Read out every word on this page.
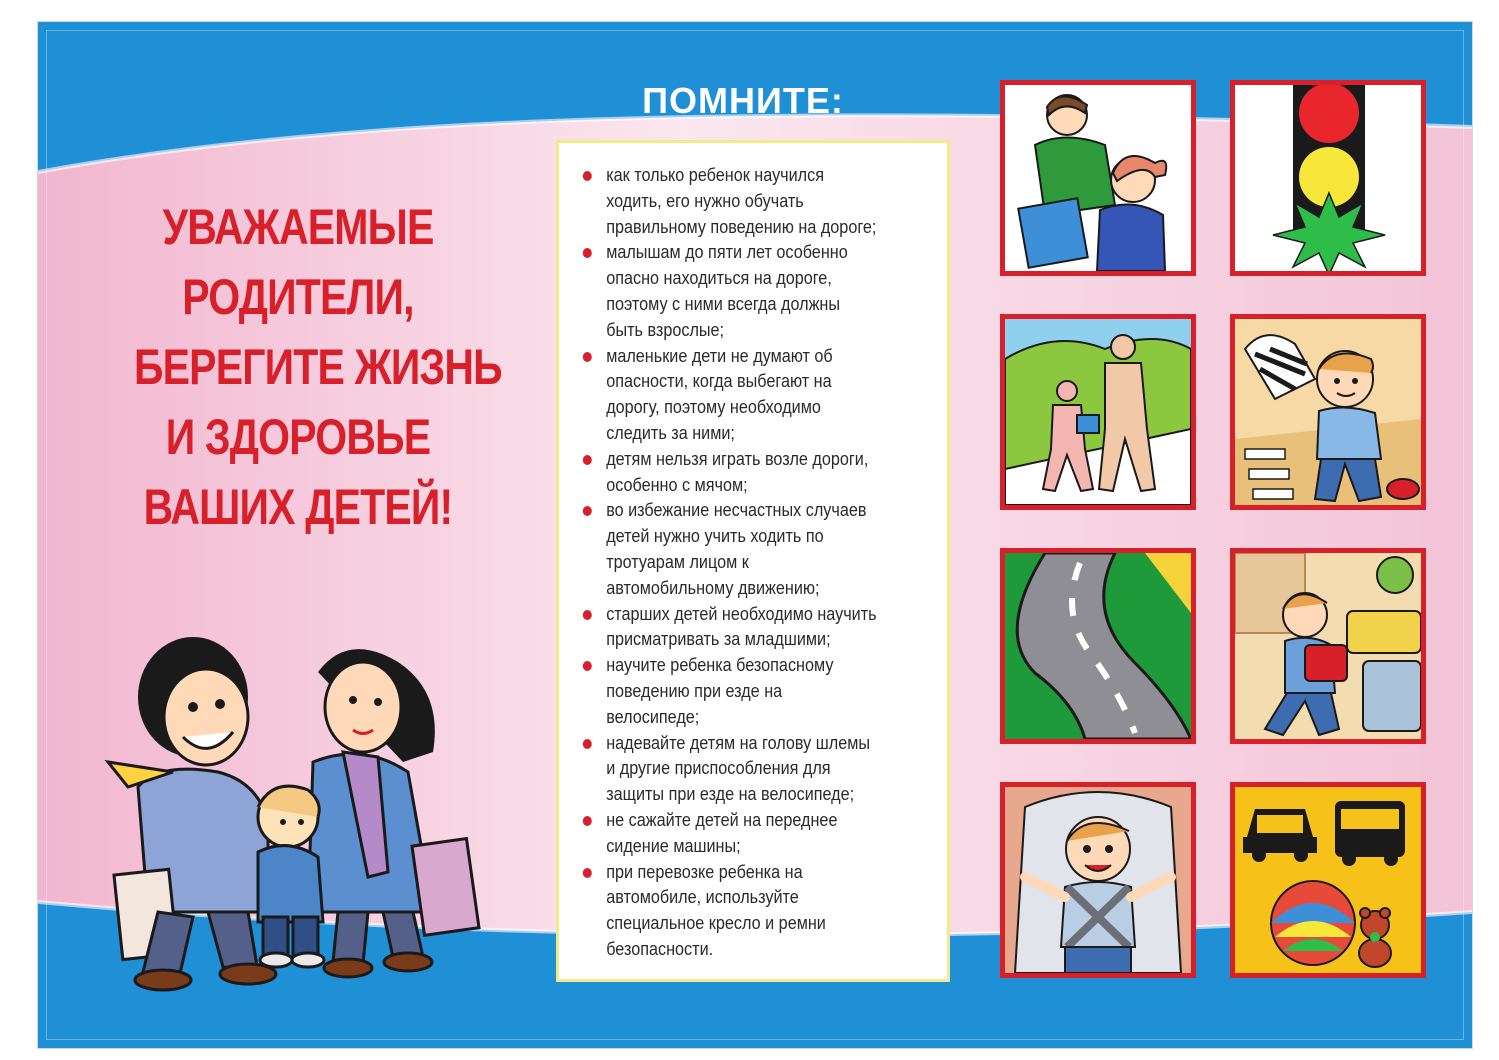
ПОМНИТЕ:
УВАЖАЕМЫЕ
РОДИТЕЛИ,
БЕРЕГИТЕ ЖИЗНЬ
И ЗДОРОВЬЕ
ВАШИХ ДЕТЕЙ!
как только ребенок научился
ходить, его нужно обучать
правильному поведению на дороге;
малышам до пяти лет особенно
опасно находиться на дороге,
поэтому с ними всегда должны
быть взрослые;
маленькие дети не думают об
опасности, когда выбегают на
дорогу, поэтому необходимо
следить за ними;
детям нельзя играть возле дороги,
особенно с мячом;
во избежание несчастных случаев
детей нужно учить ходить по
тротуарам лицом к
автомобильному движению;
старших детей необходимо научить
присматривать за младшими;
научите ребенка безопасному
поведению при езде на
велосипеде;
надевайте детям на голову шлемы
и другие приспособления для
защиты при езде на велосипеде;
не сажайте детей на переднее
сидение машины;
при перевозке ребенка на
автомобиле, используйте
специальное кресло и ремни
безопасности.
